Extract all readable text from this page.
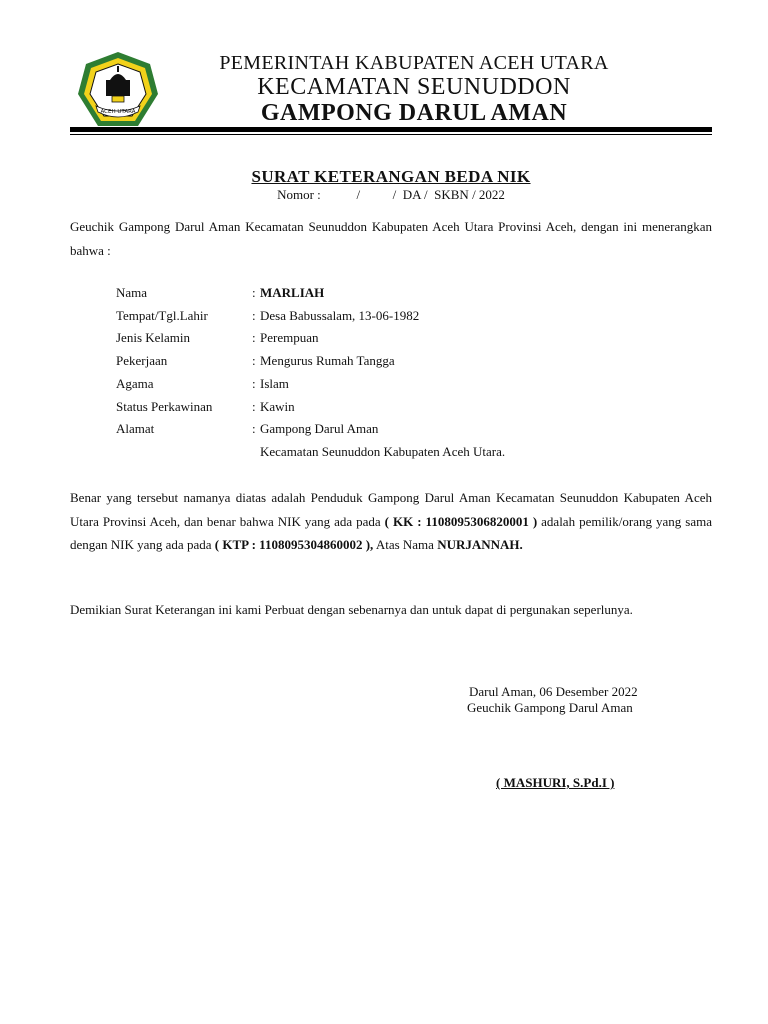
ACEH UTARA
PEMERINTAH KABUPATEN ACEH UTARA
KECAMATAN SEUNUDDON
GAMPONG DARUL AMAN
SURAT KETERANGAN BEDA NIK
Nomor :           /          /  DA /  SKBN / 2022
Geuchik Gampong Darul Aman Kecamatan Seunuddon Kabupaten Aceh Utara Provinsi Aceh, dengan ini menerangkan bahwa :
Nama	: MARLIAH
Tempat/Tgl.Lahir	: Desa Babussalam, 13-06-1982
Jenis Kelamin	: Perempuan
Pekerjaan	: Mengurus Rumah Tangga
Agama	: Islam
Status Perkawinan	: Kawin
Alamat	: Gampong Darul Aman
Kecamatan Seunuddon Kabupaten Aceh Utara.
Benar yang tersebut namanya diatas adalah Penduduk Gampong Darul Aman Kecamatan Seunuddon Kabupaten Aceh Utara Provinsi Aceh, dan benar bahwa NIK yang ada pada ( KK : 1108095306820001 ) adalah pemilik/orang yang sama dengan NIK yang ada pada ( KTP : 1108095304860002 ), Atas Nama NURJANNAH.
Demikian Surat Keterangan ini kami Perbuat dengan sebenarnya dan untuk dapat di pergunakan seperlunya.
Darul Aman, 06 Desember 2022
Geuchik Gampong Darul Aman
( MASHURI, S.Pd.I )
